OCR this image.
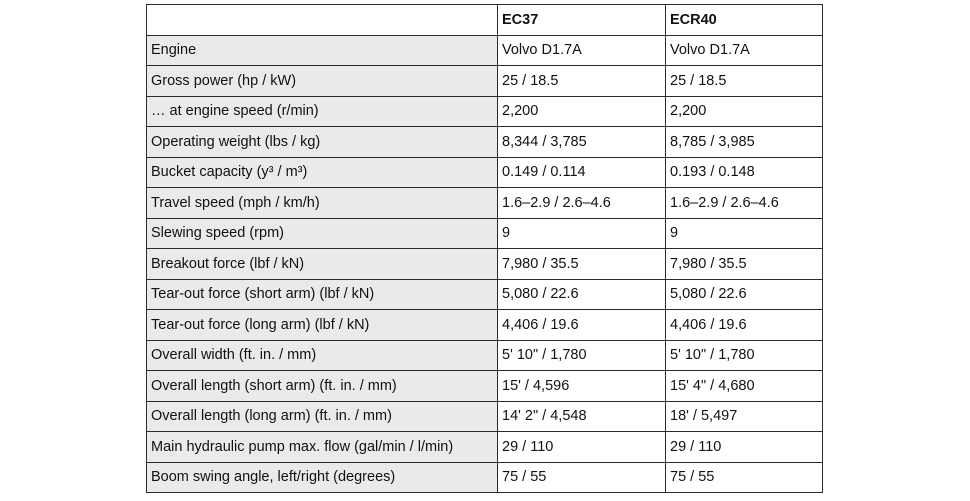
	EC37	ECR40
Engine	Volvo D1.7A	Volvo D1.7A
Gross power (hp / kW)	25 / 18.5	25 / 18.5
… at engine speed (r/min)	2,200	2,200
Operating weight (lbs / kg)	8,344 / 3,785	8,785 / 3,985
Bucket capacity (y³ / m³)	0.149 / 0.114	0.193 / 0.148
Travel speed (mph / km/h)	1.6–2.9 / 2.6–4.6	1.6–2.9 / 2.6–4.6
Slewing speed (rpm)	9	9
Breakout force (lbf / kN)	7,980 / 35.5	7,980 / 35.5
Tear-out force (short arm) (lbf / kN)	5,080 / 22.6	5,080 / 22.6
Tear-out force (long arm) (lbf / kN)	4,406 / 19.6	4,406 / 19.6
Overall width (ft. in. / mm)	5' 10" / 1,780	5' 10" / 1,780
Overall length (short arm) (ft. in. / mm)	15' / 4,596	15' 4" / 4,680
Overall length (long arm) (ft. in. / mm)	14' 2" / 4,548	18' / 5,497
Main hydraulic pump max. flow (gal/min / l/min)	29 / 110	29 / 110
Boom swing angle, left/right (degrees)	75 / 55	75 / 55
